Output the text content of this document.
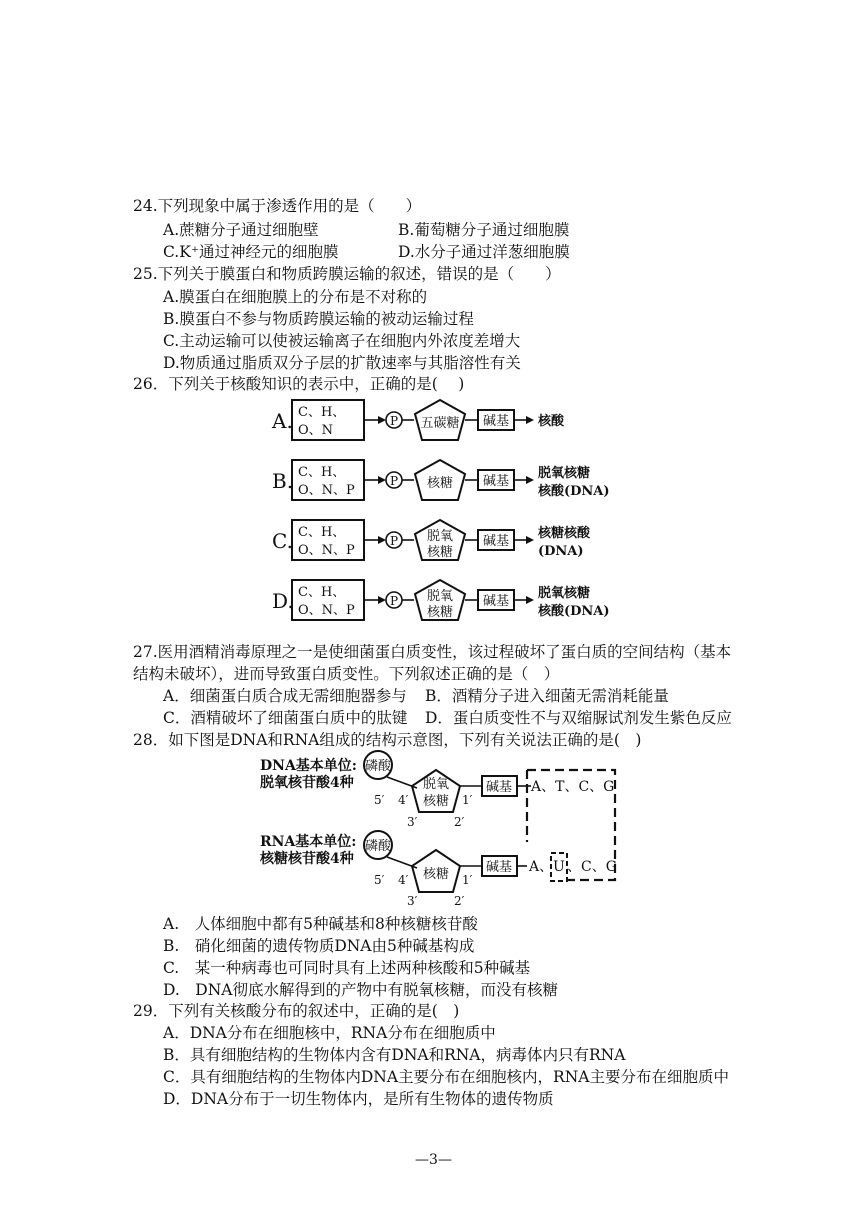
24.下列现象中属于渗透作用的是（　　）
A.蔗糖分子通过细胞壁	B.葡萄糖分子通过细胞膜
C.K⁺通过神经元的细胞膜	D.水分子通过洋葱细胞膜
25.下列关于膜蛋白和物质跨膜运输的叙述，错误的是（　　）
A.膜蛋白在细胞膜上的分布是不对称的
B.膜蛋白不参与物质跨膜运输的被动运输过程
C.主动运输可以使被运输离子在细胞内外浓度差增大
D.物质通过脂质双分子层的扩散速率与其脂溶性有关
26．下列关于核酸知识的表示中，正确的是(　 )
A. C、H、
O、N
P 五碳糖 碱基 核酸
B. C、H、
O、N、P
P 核糖 碱基
脱氧核糖
核酸(DNA)
C. C、H、
O、N、P
P 脱氧
核糖
碱基
核糖核酸
(DNA)
D. C、H、
O、N、P
P 脱氧
核糖
碱基
脱氧核糖
核酸(DNA)
27.医用酒精消毒原理之一是使细菌蛋白质变性，该过程破坏了蛋白质的空间结构（基本
结构未破坏），进而导致蛋白质变性。下列叙述正确的是（　）
A．细菌蛋白质合成无需细胞器参与 B．酒精分子进入细菌无需消耗能量
C．酒精破坏了细菌蛋白质中的肽键 D．蛋白质变性不与双缩脲试剂发生紫色反应
28．如下图是DNA和RNA组成的结构示意图，下列有关说法正确的是(　)
DNA基本单位:
脱氧核苷酸4种
磷酸
脱氧
核糖
5′ 4′	1′
3′	2′
碱基 A、T、C、G
RNA基本单位:
核糖核苷酸4种
磷酸
核糖
5′ 4′	1′
3′	2′
碱基 A、 U 、C、G
A.　人体细胞中都有5种碱基和8种核糖核苷酸
B.　硝化细菌的遗传物质DNA由5种碱基构成
C.　某一种病毒也可同时具有上述两种核酸和5种碱基
D.　DNA彻底水解得到的产物中有脱氧核糖，而没有核糖
29．下列有关核酸分布的叙述中，正确的是(　)
A．DNA分布在细胞核中，RNA分布在细胞质中
B．具有细胞结构的生物体内含有DNA和RNA，病毒体内只有RNA
C．具有细胞结构的生物体内DNA主要分布在细胞核内，RNA主要分布在细胞质中
D．DNA分布于一切生物体内，是所有生物体的遗传物质
—3—
